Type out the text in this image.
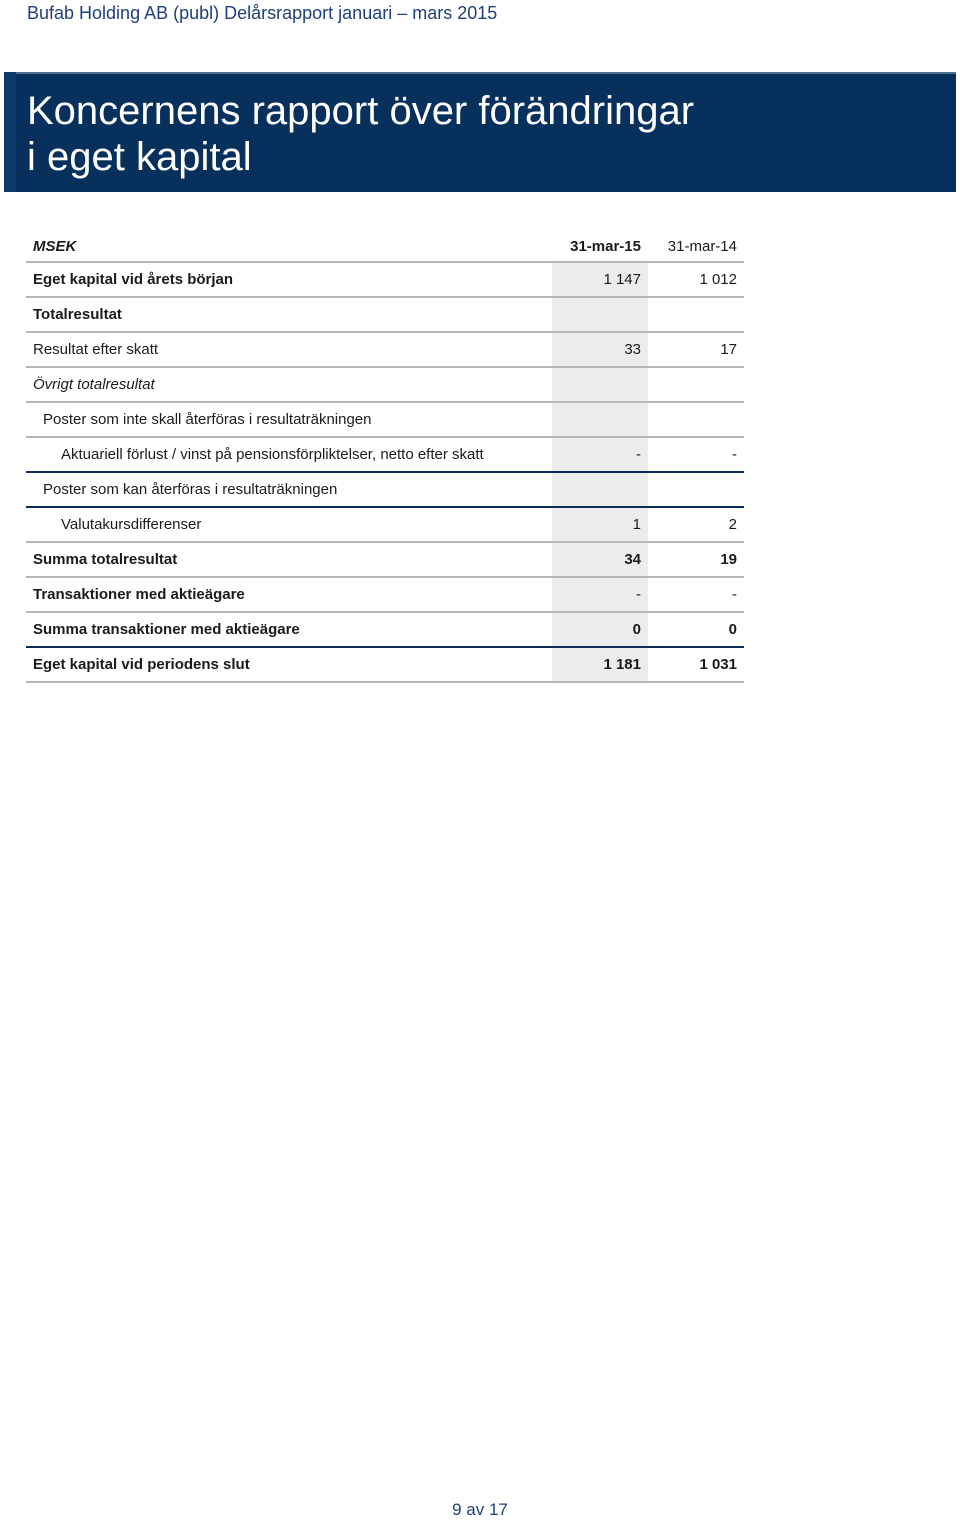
Bufab Holding AB (publ) Delårsrapport januari – mars 2015
Koncernens rapport över förändringar
i eget kapital
MSEK	31-mar-15	31-mar-14
Eget kapital vid årets början	1 147	1 012
Totalresultat		
Resultat efter skatt	33	17
Övrigt totalresultat		
Poster som inte skall återföras i resultaträkningen		
Aktuariell förlust / vinst på pensionsförpliktelser, netto efter skatt	-	-
Poster som kan återföras i resultaträkningen		
Valutakursdifferenser	1	2
Summa totalresultat	34	19
Transaktioner med aktieägare	-	-
Summa transaktioner med aktieägare	0	0
Eget kapital vid periodens slut	1 181	1 031
9 av 17
